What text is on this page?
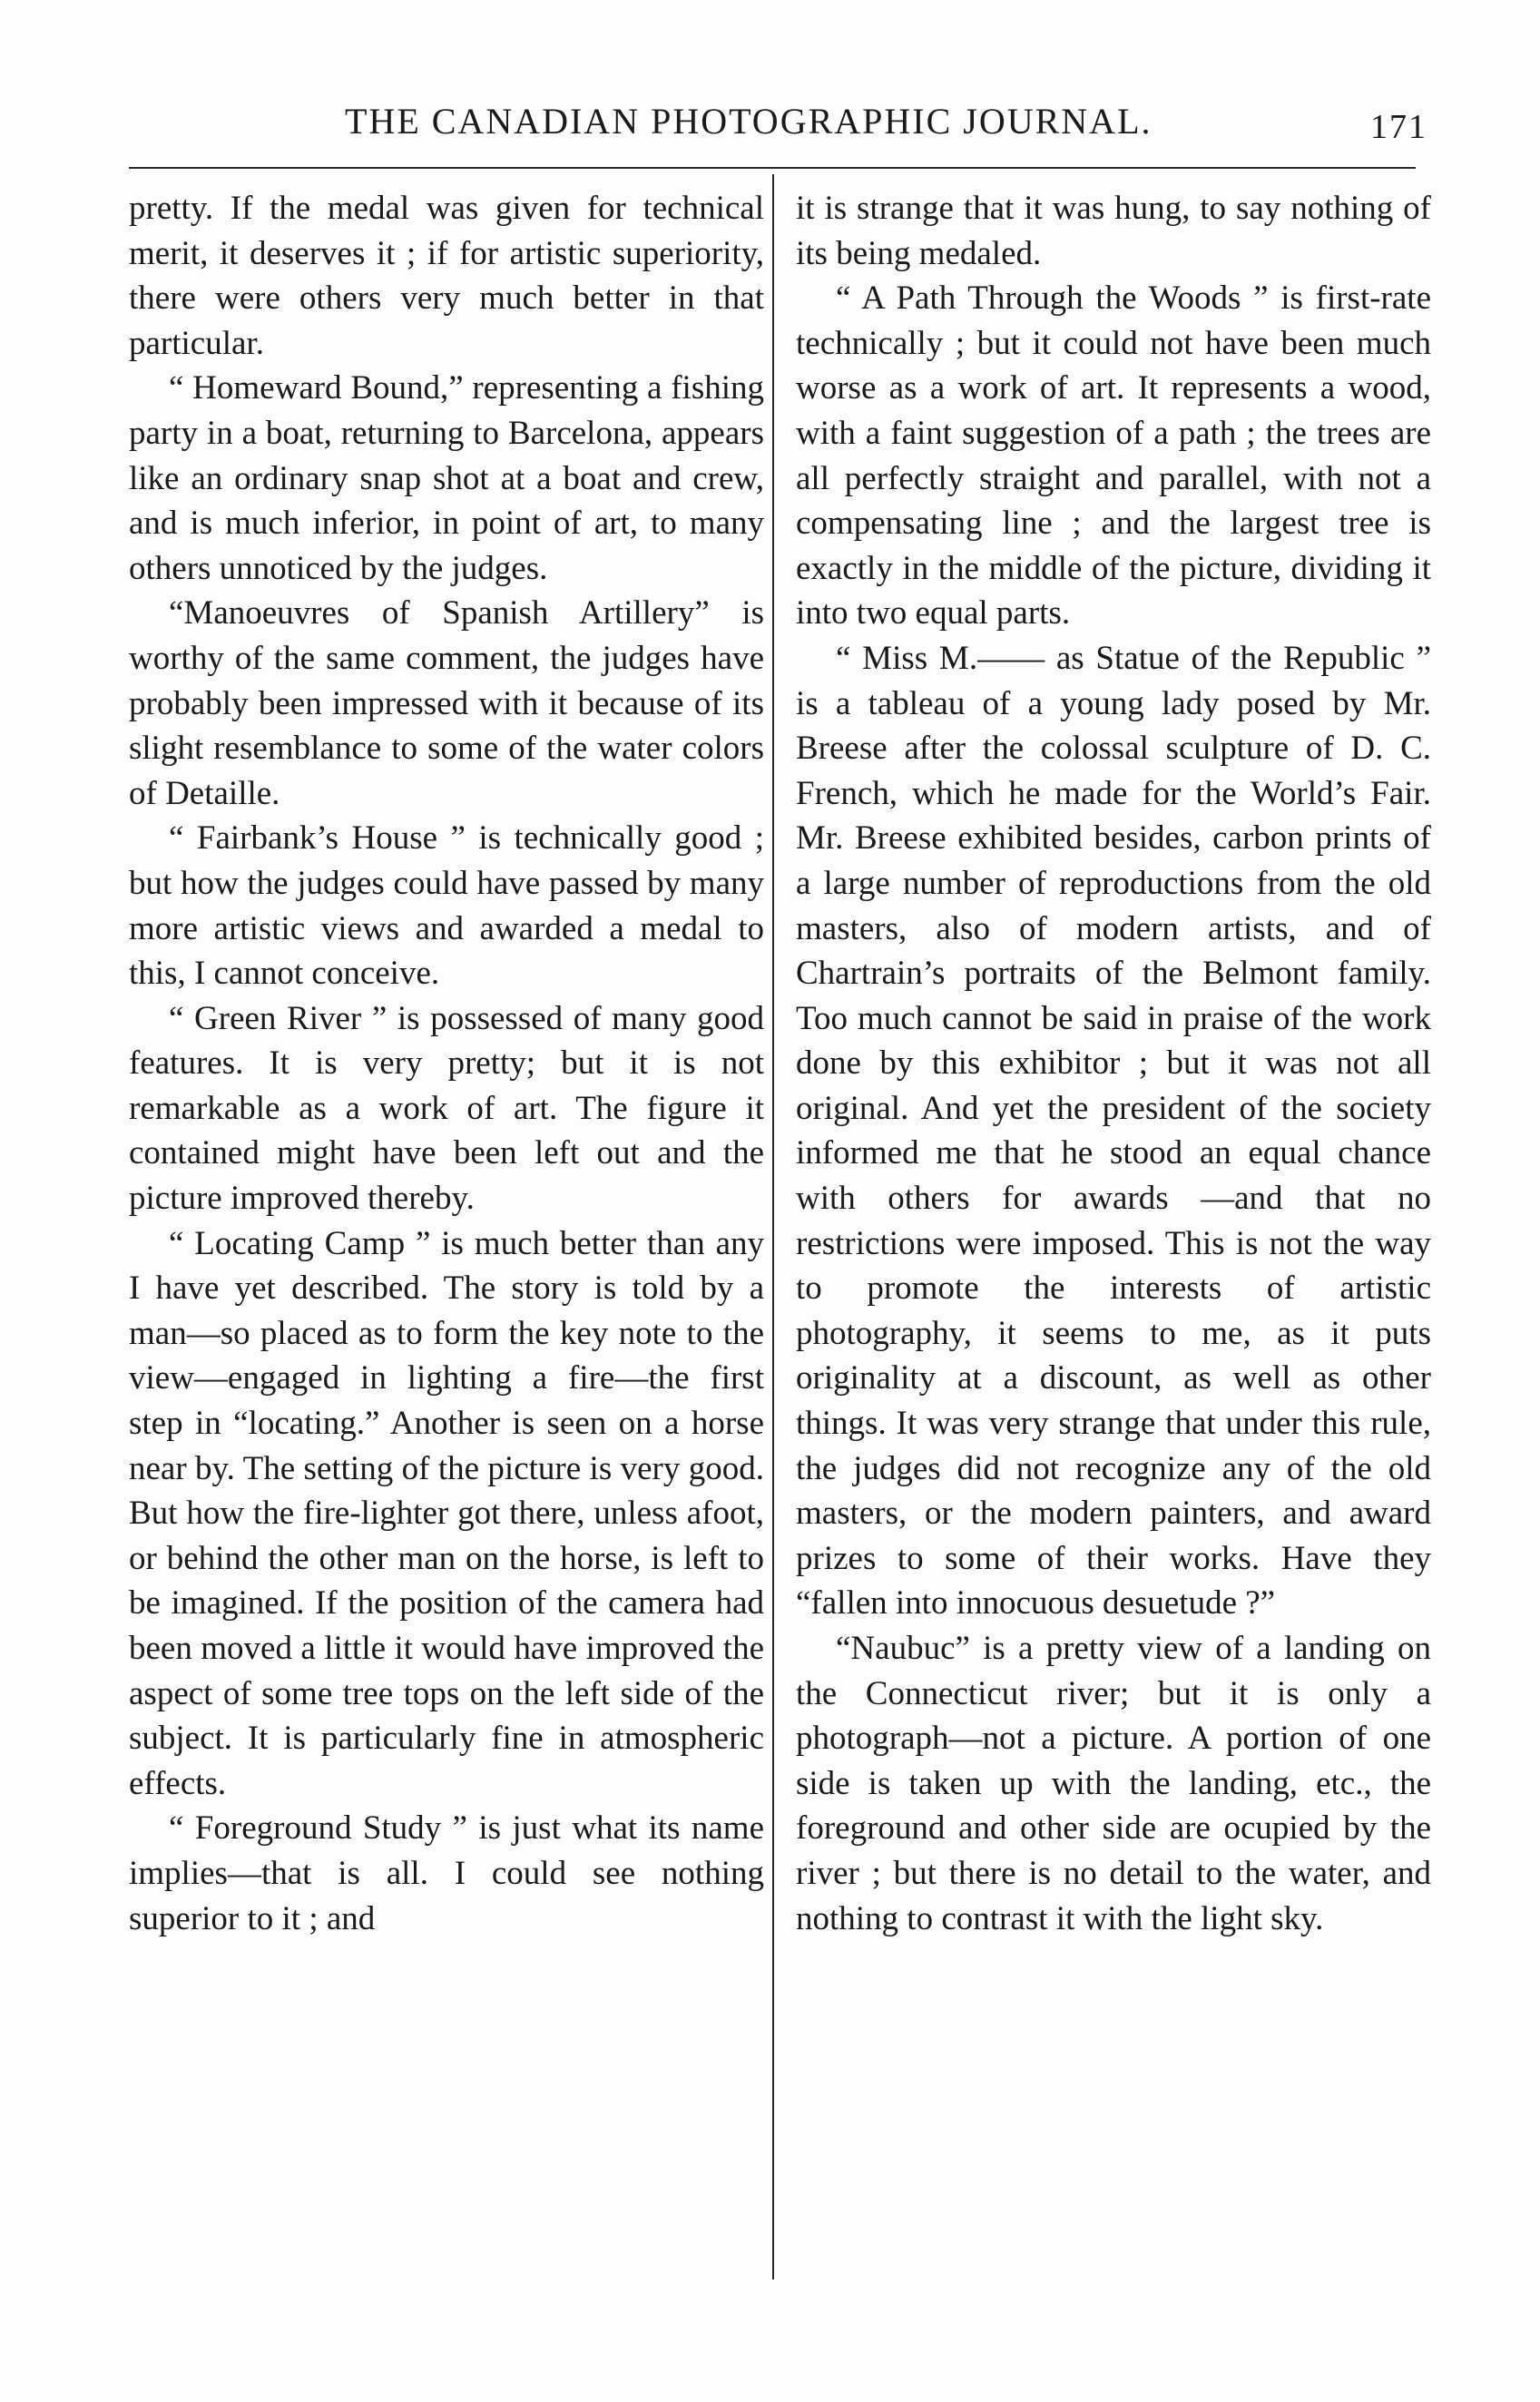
THE CANADIAN PHOTOGRAPHIC JOURNAL.	171

pretty. If the medal was given for technical merit, it deserves it ; if for artistic superiority, there were others very much better in that particular.

“ Homeward Bound,” representing a fishing party in a boat, returning to Barcelona, appears like an ordinary snap shot at a boat and crew, and is much inferior, in point of art, to many others unnoticed by the judges.

“Manoeuvres of Spanish Artillery” is worthy of the same comment, the judges have probably been impressed with it because of its slight resemblance to some of the water colors of Detaille.

“ Fairbank’s House ” is technically good ; but how the judges could have passed by many more artistic views and awarded a medal to this, I cannot conceive.

“ Green River ” is possessed of many good features. It is very pretty; but it is not remarkable as a work of art. The figure it contained might have been left out and the picture improved thereby.

“ Locating Camp ” is much better than any I have yet described. The story is told by a man—so placed as to form the key note to the view—engaged in lighting a fire—the first step in “locating.” Another is seen on a horse near by. The setting of the picture is very good. But how the fire-lighter got there, unless afoot, or behind the other man on the horse, is left to be imagined. If the position of the camera had been moved a little it would have improved the aspect of some tree tops on the left side of the subject. It is particularly fine in atmospheric effects.

“ Foreground Study ” is just what its name implies—that is all. I could see nothing superior to it ; and

it is strange that it was hung, to say nothing of its being medaled.

“ A Path Through the Woods ” is first-rate technically ; but it could not have been much worse as a work of art. It represents a wood, with a faint suggestion of a path ; the trees are all perfectly straight and parallel, with not a compensating line ; and the largest tree is exactly in the middle of the picture, dividing it into two equal parts.

“ Miss M.—— as Statue of the Republic ” is a tableau of a young lady posed by Mr. Breese after the colossal sculpture of D. C. French, which he made for the World’s Fair. Mr. Breese exhibited besides, carbon prints of a large number of reproductions from the old masters, also of modern artists, and of Chartrain’s portraits of the Belmont family. Too much cannot be said in praise of the work done by this exhibitor ; but it was not all original. And yet the president of the society informed me that he stood an equal chance with others for awards —and that no restrictions were imposed. This is not the way to promote the interests of artistic photography, it seems to me, as it puts originality at a discount, as well as other things. It was very strange that under this rule, the judges did not recognize any of the old masters, or the modern painters, and award prizes to some of their works. Have they “fallen into innocuous desuetude ?”

“Naubuc” is a pretty view of a landing on the Connecticut river; but it is only a photograph—not a picture. A portion of one side is taken up with the landing, etc., the foreground and other side are ocupied by the river ; but there is no detail to the water, and nothing to contrast it with the light sky.
